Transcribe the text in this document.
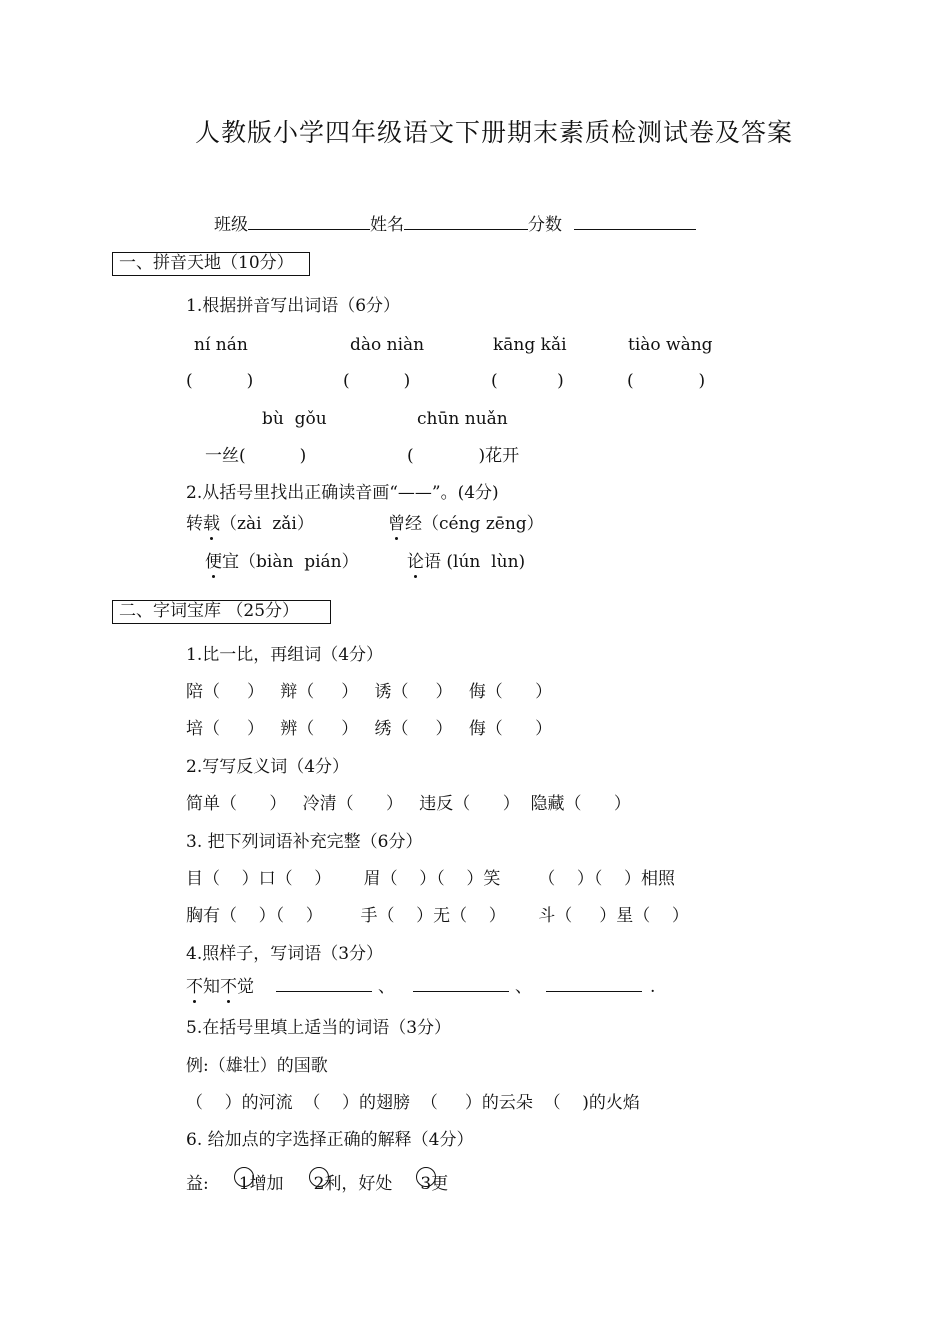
人教版小学四年级语文下册期末素质检测试卷及答案
班级	姓名	分数
一、拼音天地（10分）
1.根据拼音写出词语（6分）
ní nán	dào niàn	kāng kǎi	tiào wàng
(          )	(          )	(           )	(            )
bù  gǒu	chūn nuǎn
一丝(          )	(            )花开
2.从括号里找出正确读音画“——”。(4分)
转载（zài  zǎi）	曾经（céng zēng）
便宜（biàn  pián）	论语 (lún  lùn)
二、字词宝库 （25分）
1.比一比，再组词（4分）
陪（     ）   辩（     ）   诱（     ）   侮（      ）
培（     ）   辨（     ）   绣（     ）   侮（      ）
2.写写反义词（4分）
简单（      ）   冷清（      ）   违反（      ）  隐藏（      ）
3. 把下列词语补充完整（6分）
目（    ）口（    ）      眉（    ）（    ）笑       （    ）（    ）相照
胸有（    ）（    ）       手（    ）无（    ）      斗（     ）星（    ）
4.照样子，写词语（3分）
不知不觉	、	、	.
5.在括号里填上适当的词语（3分）
例:（雄壮）的国歌
（    ）的河流  （    ）的翅膀  （     ）的云朵  （    )的火焰
6. 给加点的字选择正确的解释（4分）
益: 1增加 2利，好处 3更
